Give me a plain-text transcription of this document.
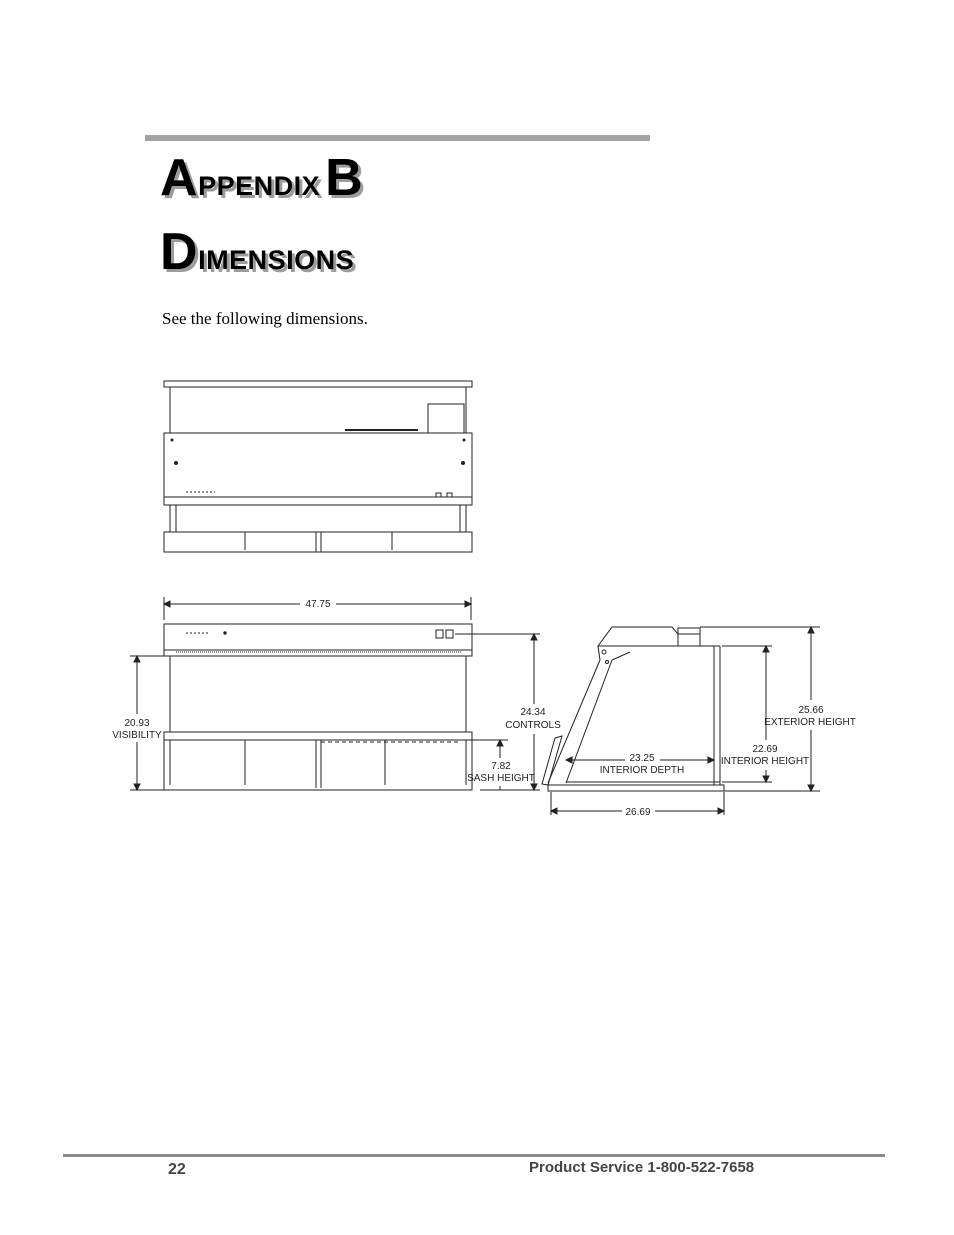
APPENDIX B
DIMENSIONS
See the following dimensions.
47.75
20.93
VISIBILITY
24.34
CONTROLS
7.82
SASH HEIGHT
23.25
INTERIOR DEPTH
22.69
INTERIOR HEIGHT
25.66
EXTERIOR HEIGHT
26.69
22	Product Service 1-800-522-7658
